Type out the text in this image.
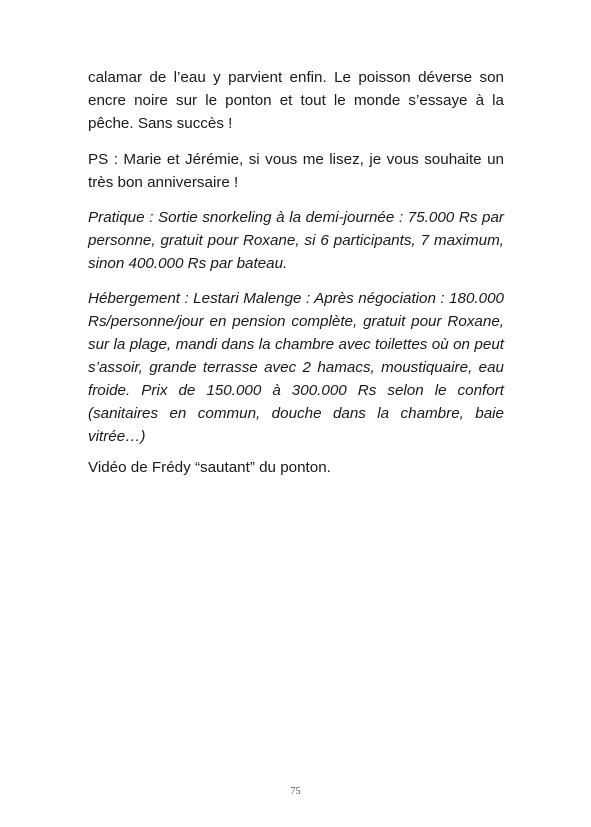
calamar de l’eau y parvient enfin. Le poisson déverse son encre noire sur le ponton et tout le monde s’essaye à la pêche. Sans succès !

PS : Marie et Jérémie, si vous me lisez, je vous souhaite un très bon anniversaire !

Pratique : Sortie snorkeling à la demi-journée : 75.000 Rs par personne, gratuit pour Roxane, si 6 participants, 7 maximum, sinon 400.000 Rs par bateau.

Hébergement : Lestari Malenge : Après négociation : 180.000 Rs/personne/jour en pension complète, gratuit pour Roxane, sur la plage, mandi dans la chambre avec toilettes où on peut s’assoir, grande terrasse avec 2 hamacs, moustiquaire, eau froide. Prix de 150.000 à 300.000 Rs selon le confort (sanitaires en commun, douche dans la chambre, baie vitrée…)

Vidéo de Frédy “sautant” du ponton.

75
